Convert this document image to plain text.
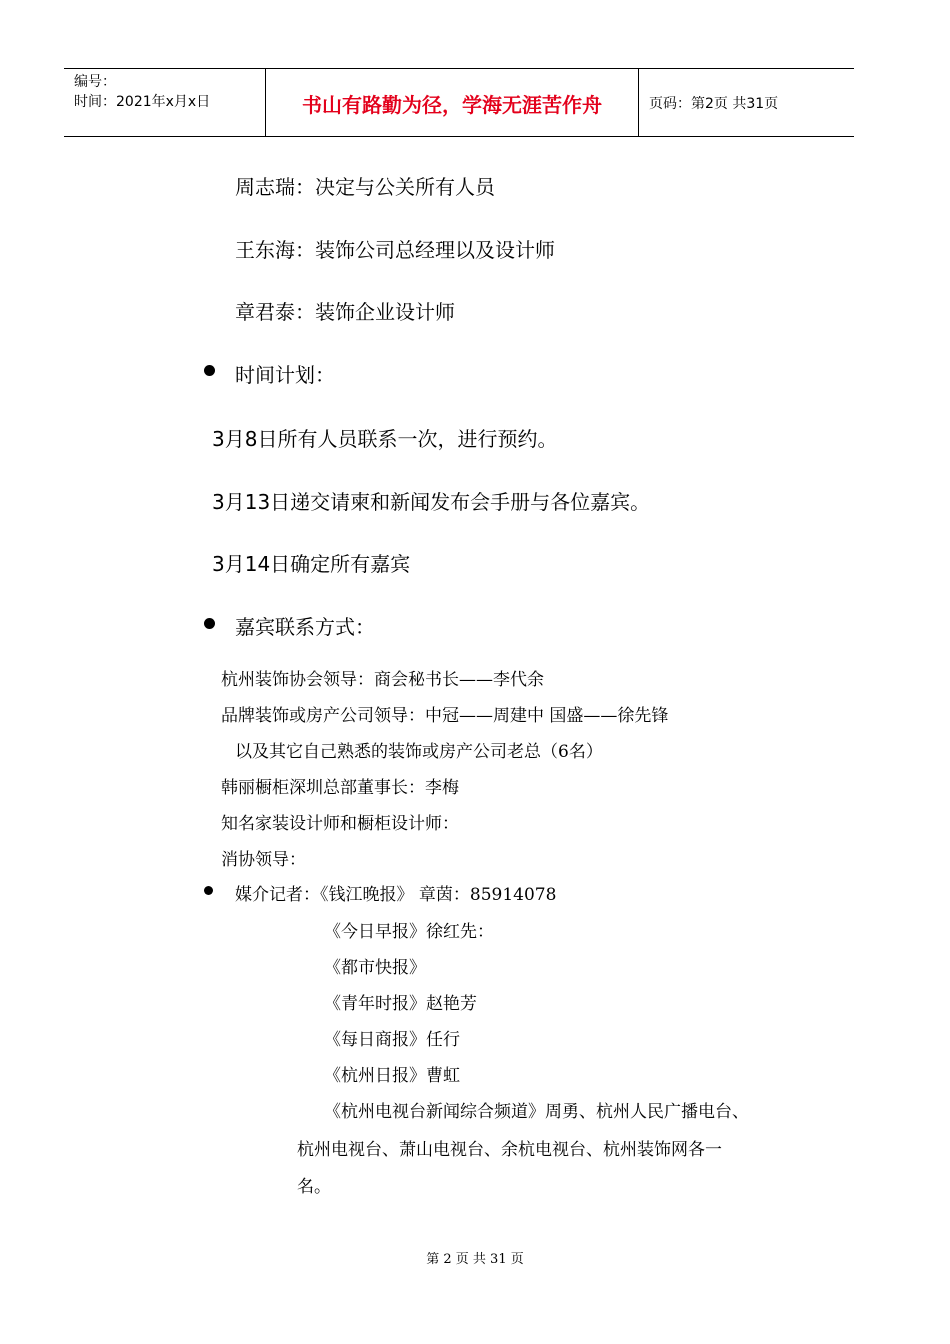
编号：
时间：2021年x月x日	书山有路勤为径，学海无涯苦作舟	页码：第2页 共31页
周志瑞：决定与公关所有人员
王东海：装饰公司总经理以及设计师
章君泰：装饰企业设计师
时间计划：
3月8日所有人员联系一次，进行预约。
3月13日递交请柬和新闻发布会手册与各位嘉宾。
3月14日确定所有嘉宾
嘉宾联系方式：
杭州装饰协会领导：商会秘书长——李代余
品牌装饰或房产公司领导：中冠——周建中 国盛——徐先锋
以及其它自己熟悉的装饰或房产公司老总（6名）
韩丽橱柜深圳总部董事长：李梅
知名家装设计师和橱柜设计师：
消协领导：
媒介记者：《钱江晚报》 章茵：85914078
《今日早报》徐红先：
《都市快报》
《青年时报》赵艳芳
《每日商报》任行
《杭州日报》曹虹
《杭州电视台新闻综合频道》周勇、杭州人民广播电台、
杭州电视台、萧山电视台、余杭电视台、杭州装饰网各一
名。
第 2 页 共 31 页
